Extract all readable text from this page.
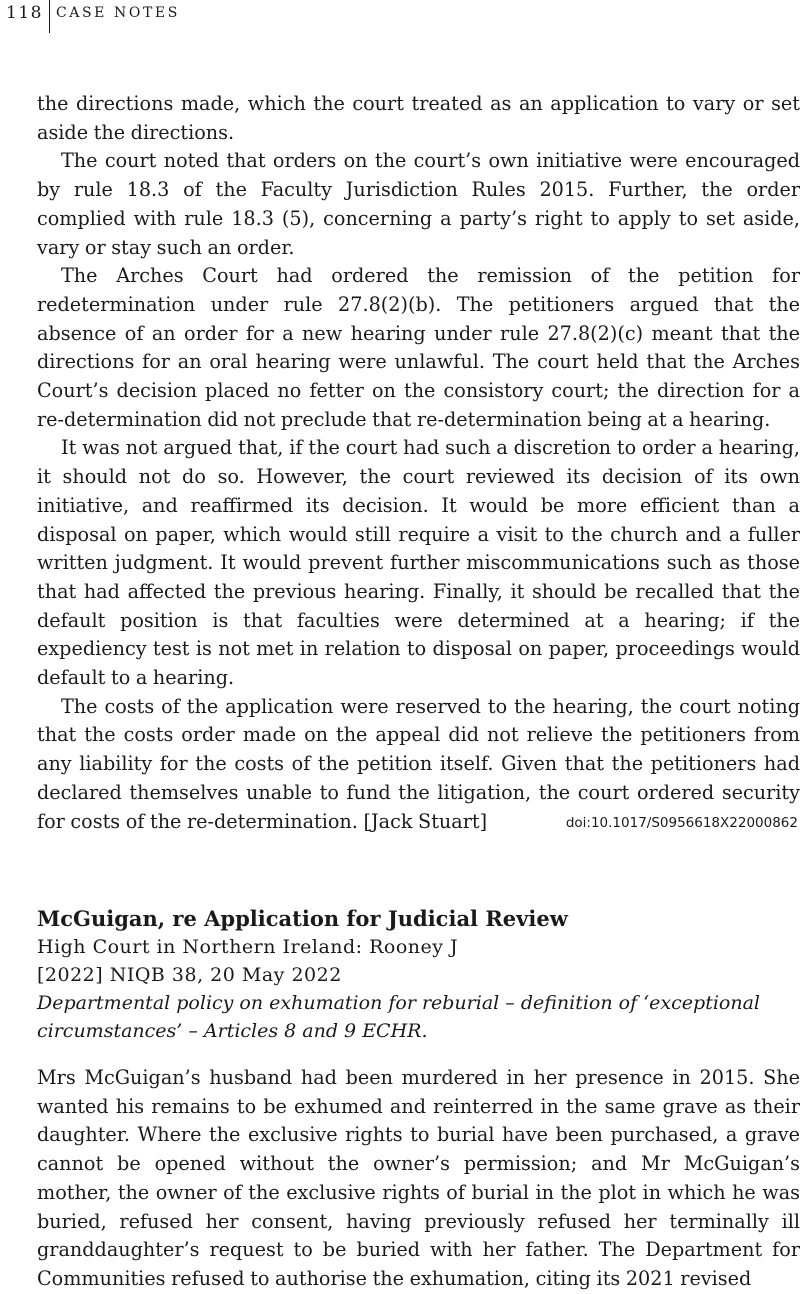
118 CASE NOTES

the directions made, which the court treated as an application to vary or set aside the directions.

The court noted that orders on the court’s own initiative were encouraged by rule 18.3 of the Faculty Jurisdiction Rules 2015. Further, the order complied with rule 18.3 (5), concerning a party’s right to apply to set aside, vary or stay such an order.

The Arches Court had ordered the remission of the petition for redetermination under rule 27.8(2)(b). The petitioners argued that the absence of an order for a new hearing under rule 27.8(2)(c) meant that the directions for an oral hearing were unlawful. The court held that the Arches Court’s decision placed no fetter on the consistory court; the direction for a re-determination did not preclude that re-determination being at a hearing.

It was not argued that, if the court had such a discretion to order a hearing, it should not do so. However, the court reviewed its decision of its own initiative, and reaffirmed its decision. It would be more efficient than a disposal on paper, which would still require a visit to the church and a fuller written judgment. It would prevent further miscommunications such as those that had affected the previous hearing. Finally, it should be recalled that the default position is that faculties were determined at a hearing; if the expediency test is not met in relation to disposal on paper, proceedings would default to a hearing.

The costs of the application were reserved to the hearing, the court noting that the costs order made on the appeal did not relieve the petitioners from any liability for the costs of the petition itself. Given that the petitioners had declared themselves unable to fund the litigation, the court ordered security for costs of the re-determination. [Jack Stuart]	doi:10.1017/S0956618X22000862
McGuigan, re Application for Judicial Review

High Court in Northern Ireland: Rooney J

[2022] NIQB 38, 20 May 2022

Departmental policy on exhumation for reburial – definition of ‘exceptional circumstances’ – Articles 8 and 9 ECHR.

Mrs McGuigan’s husband had been murdered in her presence in 2015. She wanted his remains to be exhumed and reinterred in the same grave as their daughter. Where the exclusive rights to burial have been purchased, a grave cannot be opened without the owner’s permission; and Mr McGuigan’s mother, the owner of the exclusive rights of burial in the plot in which he was buried, refused her consent, having previously refused her terminally ill granddaughter’s request to be buried with her father. The Department for Communities refused to authorise the exhumation, citing its 2021 revised
